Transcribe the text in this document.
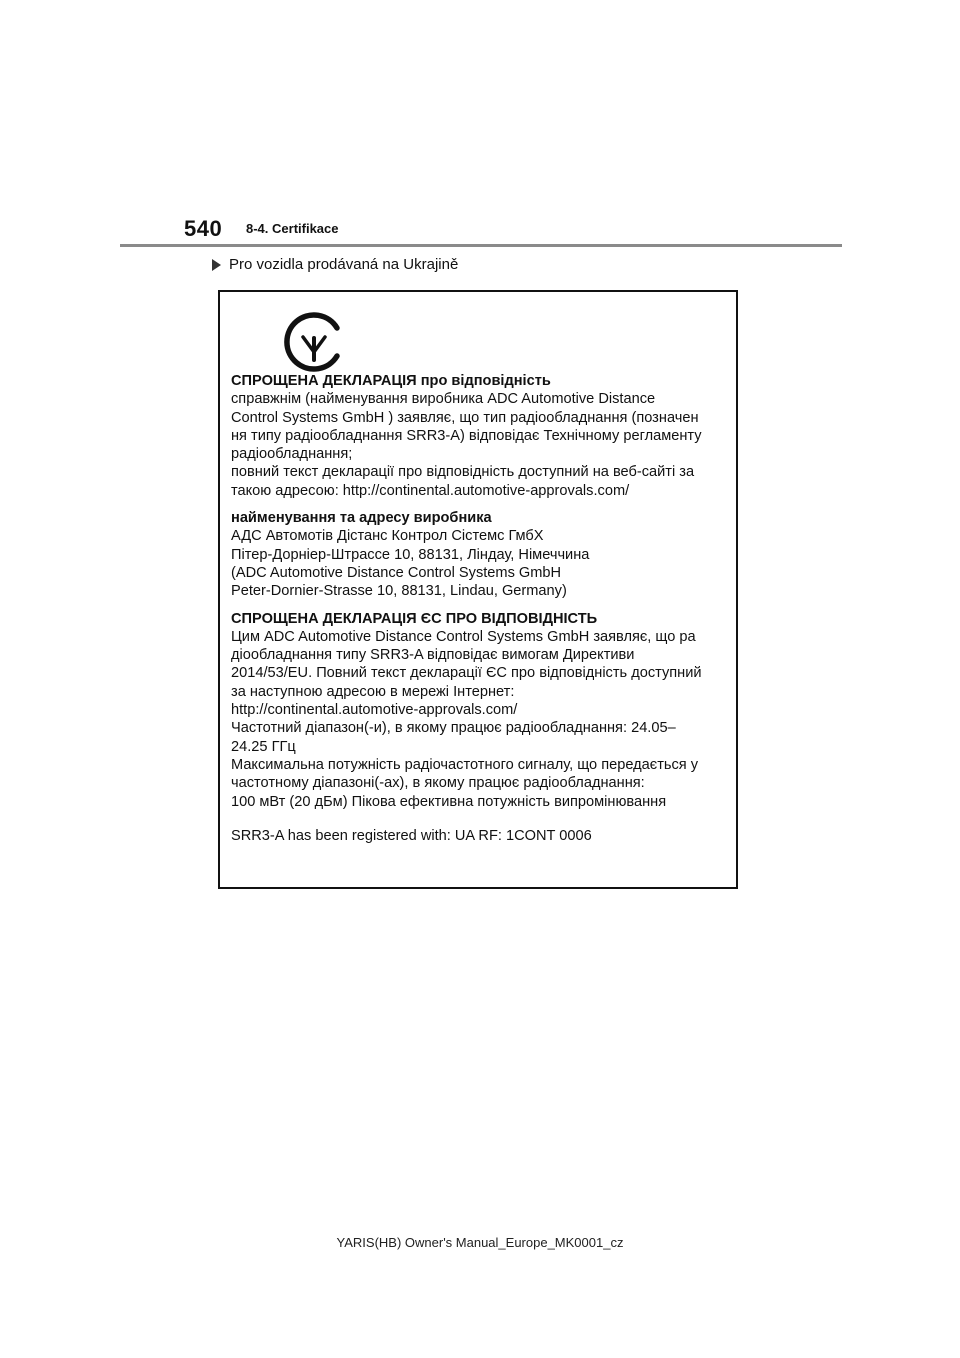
540 8-4. Certifikace
Pro vozidla prodávaná na Ukrajině
СПРОЩЕНА ДЕКЛАРАЦІЯ про відповідність
справжнім (найменування виробника ADC Automotive Distance
Control Systems GmbH ) заявляє, що тип радіообладнання (позначен
ня типу радіообладнання SRR3-A) відповідає Технічному регламенту
радіообладнання;
повний текст декларації про відповідність доступний на веб-сайті за
такою адресою: http://continental.automotive-approvals.com/
найменування та адресу виробника
АДС Автомотів Дістанс Контрол Сістемс ГмбХ
Пітер-Дорніер-Штрассе 10, 88131, Ліндау, Німеччина
(ADC Automotive Distance Control Systems GmbH
Peter-Dornier-Strasse 10, 88131, Lindau, Germany)
СПРОЩЕНА ДЕКЛАРАЦІЯ ЄС ПРО ВІДПОВІДНІСТЬ
Цим ADC Automotive Distance Control Systems GmbH заявляє, що ра
діообладнання типу SRR3-A відповідає вимогам Директиви
2014/53/EU. Повний текст декларації ЄС про відповідність доступний
за наступною адресою в мережі Інтернет:
http://continental.automotive-approvals.com/
Частотний діапазон(-и), в якому працює радіообладнання: 24.05–
24.25 ГГц
Максимальна потужність радіочастотного сигналу, що передається у
частотному діапазоні(-ах), в якому працює радіообладнання:
100 мВт (20 дБм) Пікова ефективна потужність випромінювання
SRR3-A has been registered with: UA RF: 1CONT 0006
YARIS(HB) Owner's Manual_Europe_MK0001_cz
